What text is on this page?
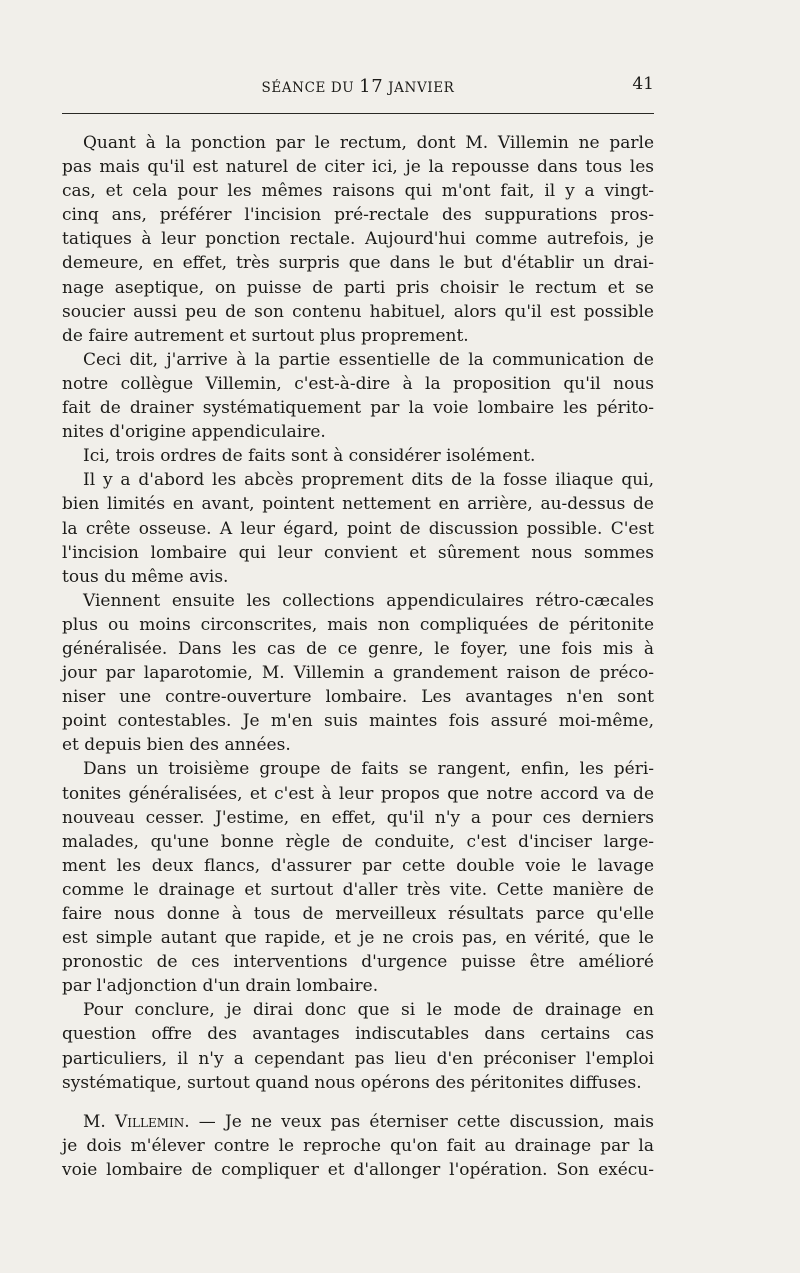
SÉANCE DU 17 JANVIER	41
Quant à la ponction par le rectum, dont M. Villemin ne parle
pas mais qu'il est naturel de citer ici, je la repousse dans tous les
cas, et cela pour les mêmes raisons qui m'ont fait, il y a vingt-
cinq ans, préférer l'incision pré-rectale des suppurations pros-
tatiques à leur ponction rectale. Aujourd'hui comme autrefois, je
demeure, en effet, très surpris que dans le but d'établir un drai-
nage aseptique, on puisse de parti pris choisir le rectum et se
soucier aussi peu de son contenu habituel, alors qu'il est possible
de faire autrement et surtout plus proprement.
Ceci dit, j'arrive à la partie essentielle de la communication de
notre collègue Villemin, c'est-à-dire à la proposition qu'il nous
fait de drainer systématiquement par la voie lombaire les périto-
nites d'origine appendiculaire.
Ici, trois ordres de faits sont à considérer isolément.
Il y a d'abord les abcès proprement dits de la fosse iliaque qui,
bien limités en avant, pointent nettement en arrière, au-dessus de
la crête osseuse. A leur égard, point de discussion possible. C'est
l'incision lombaire qui leur convient et sûrement nous sommes
tous du même avis.
Viennent ensuite les collections appendiculaires rétro-cæcales
plus ou moins circonscrites, mais non compliquées de péritonite
généralisée. Dans les cas de ce genre, le foyer, une fois mis à
jour par laparotomie, M. Villemin a grandement raison de préco-
niser une contre-ouverture lombaire. Les avantages n'en sont
point contestables. Je m'en suis maintes fois assuré moi-même,
et depuis bien des années.
Dans un troisième groupe de faits se rangent, enfin, les péri-
tonites généralisées, et c'est à leur propos que notre accord va de
nouveau cesser. J'estime, en effet, qu'il n'y a pour ces derniers
malades, qu'une bonne règle de conduite, c'est d'inciser large-
ment les deux flancs, d'assurer par cette double voie le lavage
comme le drainage et surtout d'aller très vite. Cette manière de
faire nous donne à tous de merveilleux résultats parce qu'elle
est simple autant que rapide, et je ne crois pas, en vérité, que le
pronostic de ces interventions d'urgence puisse être amélioré
par l'adjonction d'un drain lombaire.
Pour conclure, je dirai donc que si le mode de drainage en
question offre des avantages indiscutables dans certains cas
particuliers, il n'y a cependant pas lieu d'en préconiser l'emploi
systématique, surtout quand nous opérons des péritonites diffuses.
M. Villemin. — Je ne veux pas éterniser cette discussion, mais
je dois m'élever contre le reproche qu'on fait au drainage par la
voie lombaire de compliquer et d'allonger l'opération. Son exécu-
